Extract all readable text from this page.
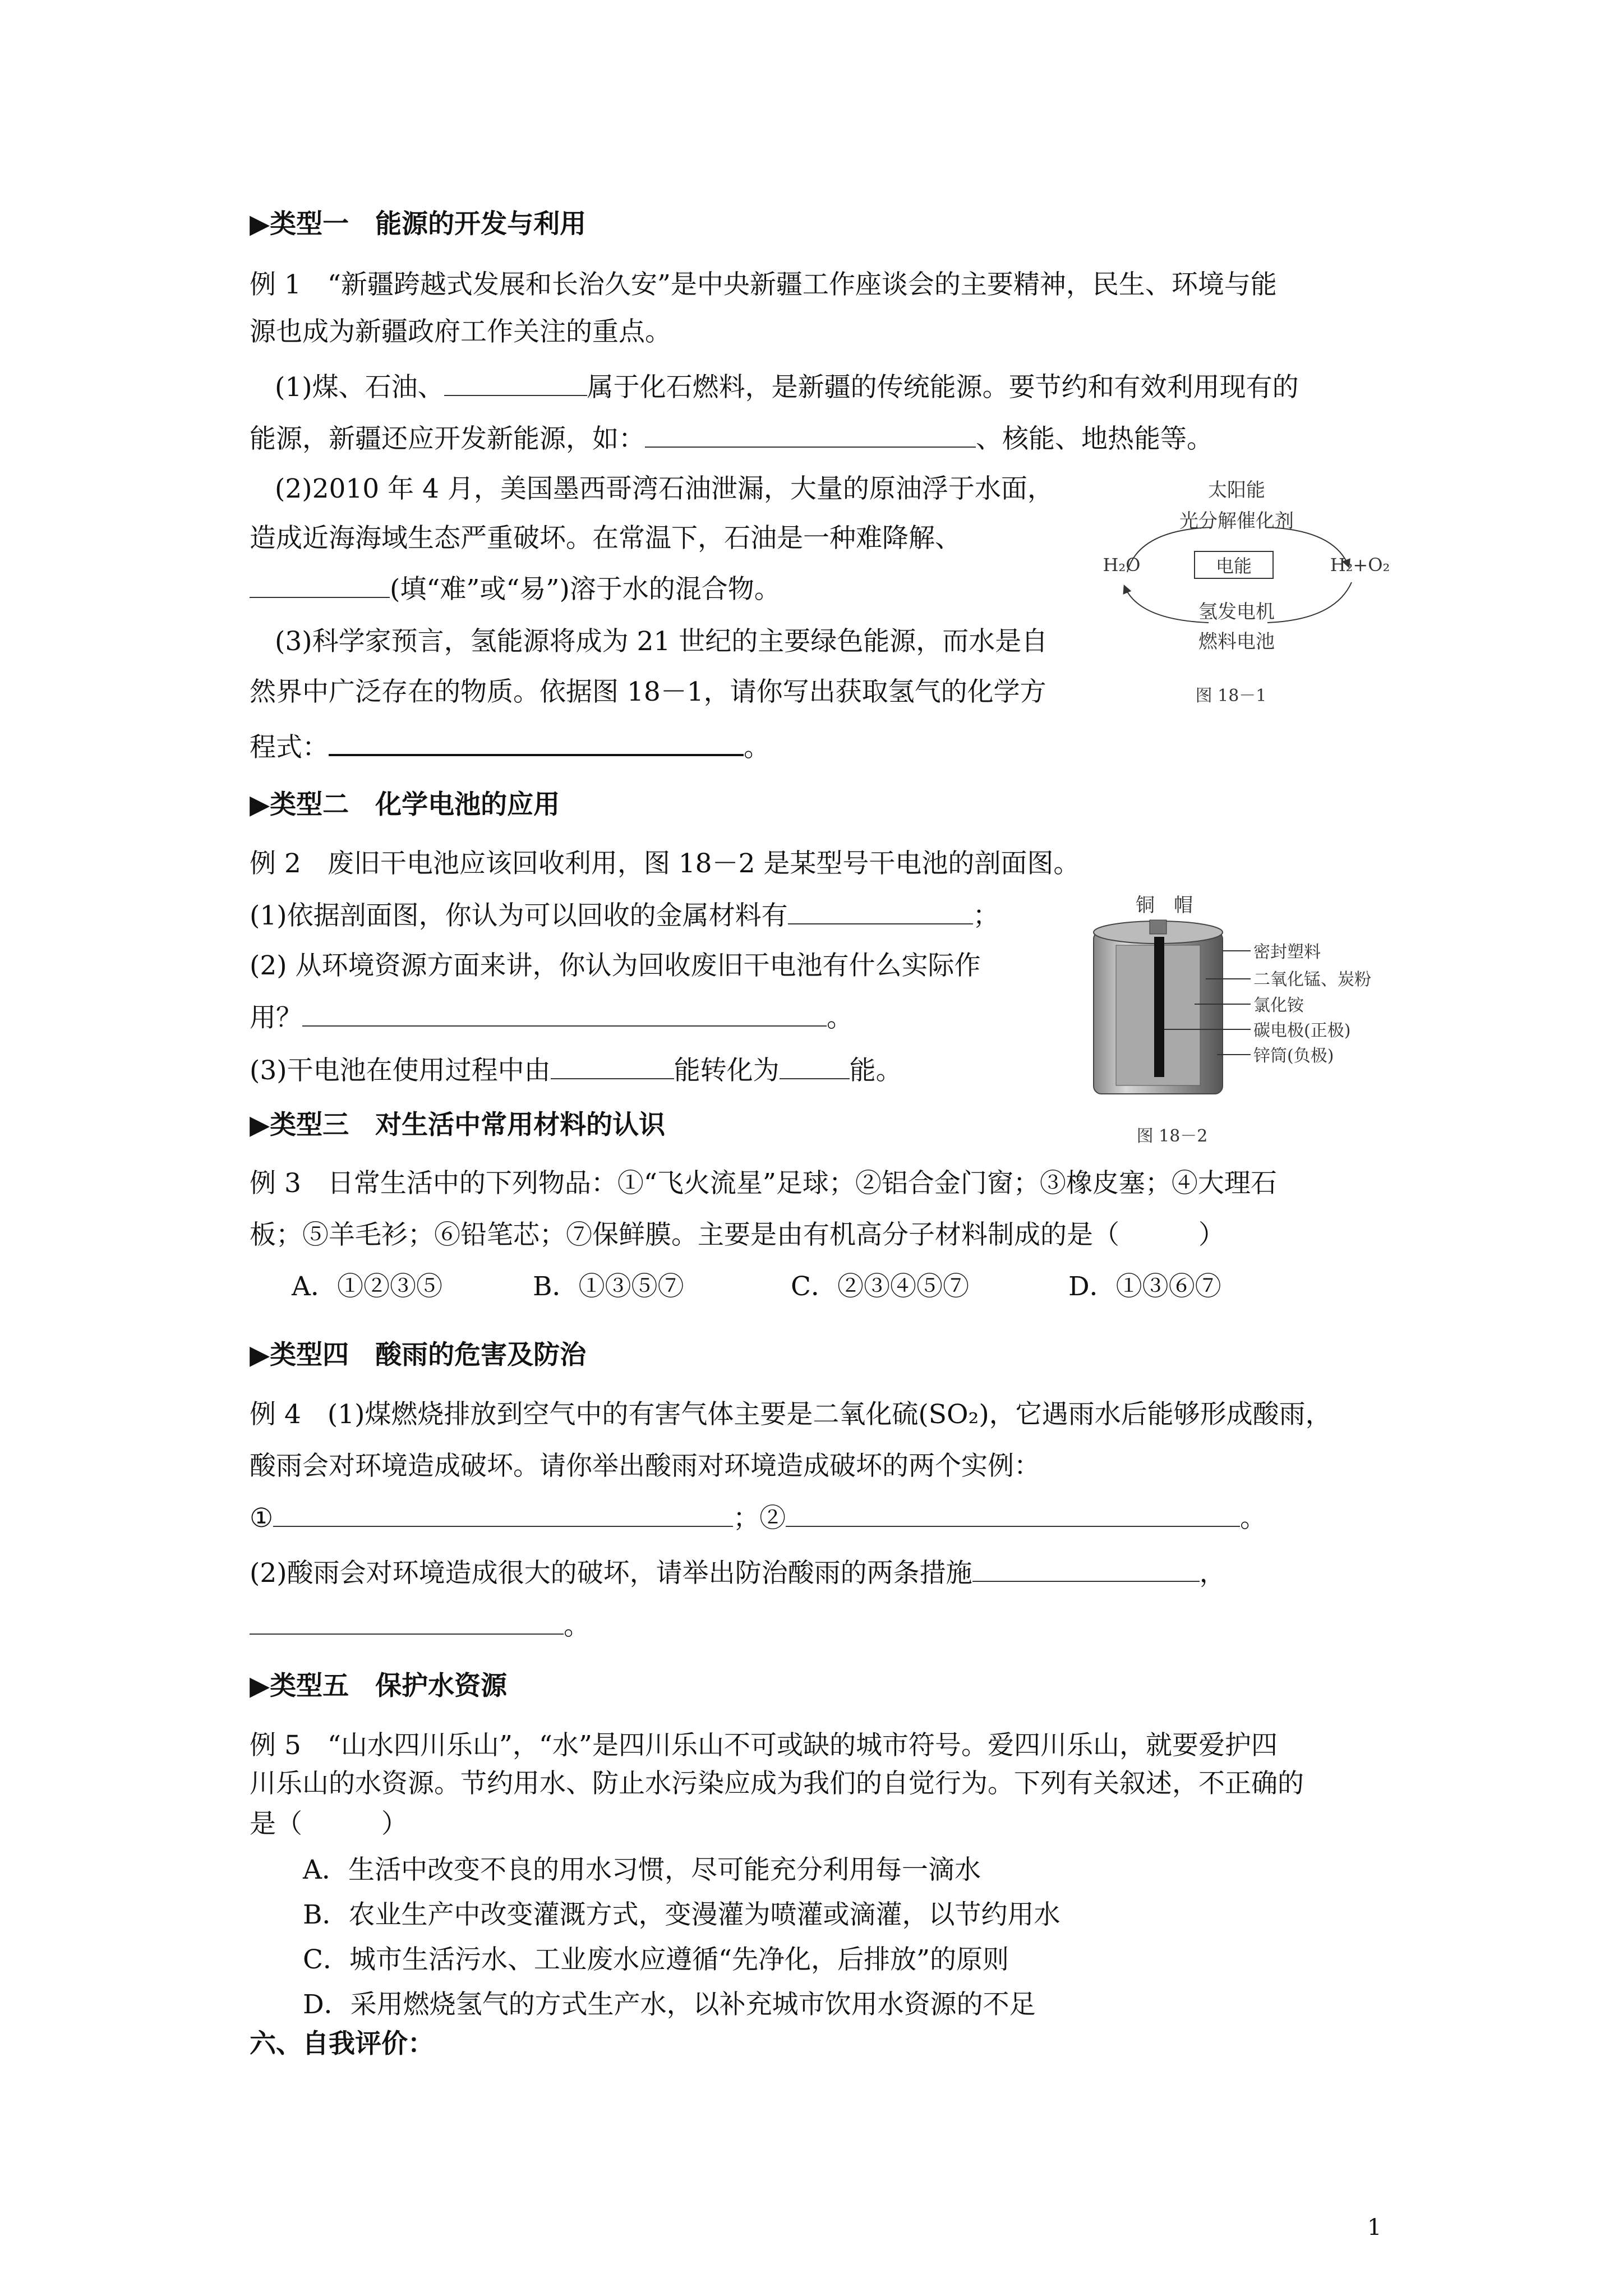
▶类型一　能源的开发与利用
例 1　“新疆跨越式发展和长治久安”是中央新疆工作座谈会的主要精神，民生、环境与能
源也成为新疆政府工作关注的重点。
(1)煤、石油、	属于化石燃料，是新疆的传统能源。要节约和有效利用现有的
能源，新疆还应开发新能源，如：	、核能、地热能等。
(2)2010 年 4 月，美国墨西哥湾石油泄漏，大量的原油浮于水面，
造成近海海域生态严重破坏。在常温下，石油是一种难降解、
(填“难”或“易”)溶于水的混合物。
(3)科学家预言，氢能源将成为 21 世纪的主要绿色能源，而水是自
然界中广泛存在的物质。依据图 18－1，请你写出获取氢气的化学方
程式：	。
太阳能
光分解催化剂
H₂O	电能	H₂+O₂
氢发电机
燃料电池
图 18－1
▶类型二　化学电池的应用
例 2　废旧干电池应该回收利用，图 18－2 是某型号干电池的剖面图。
(1)依据剖面图，你认为可以回收的金属材料有	；
(2) 从环境资源方面来讲，你认为回收废旧干电池有什么实际作
用？	。
(3)干电池在使用过程中由	能转化为	能。
铜　帽
密封塑料
二氧化锰、炭粉
氯化铵
碳电极(正极)
锌筒(负极)
图 18－2
▶类型三　对生活中常用材料的认识
例 3　日常生活中的下列物品：①“飞火流星”足球；②铝合金门窗；③橡皮塞；④大理石
板；⑤羊毛衫；⑥铅笔芯；⑦保鲜膜。主要是由有机高分子材料制成的是（　　　）
A．①②③⑤	B．①③⑤⑦	C．②③④⑤⑦	D．①③⑥⑦
▶类型四　酸雨的危害及防治
例 4　(1)煤燃烧排放到空气中的有害气体主要是二氧化硫(SO₂)，它遇雨水后能够形成酸雨，
酸雨会对环境造成破坏。请你举出酸雨对环境造成破坏的两个实例：
①	；②	。
(2)酸雨会对环境造成很大的破坏，请举出防治酸雨的两条措施	，
。
▶类型五　保护水资源
例 5　“山水四川乐山”，“水”是四川乐山不可或缺的城市符号。爱四川乐山，就要爱护四
川乐山的水资源。节约用水、防止水污染应成为我们的自觉行为。下列有关叙述，不正确的
是（　　　）
A．生活中改变不良的用水习惯，尽可能充分利用每一滴水
B．农业生产中改变灌溉方式，变漫灌为喷灌或滴灌，以节约用水
C．城市生活污水、工业废水应遵循“先净化，后排放”的原则
D．采用燃烧氢气的方式生产水，以补充城市饮用水资源的不足
六、自我评价：
1
